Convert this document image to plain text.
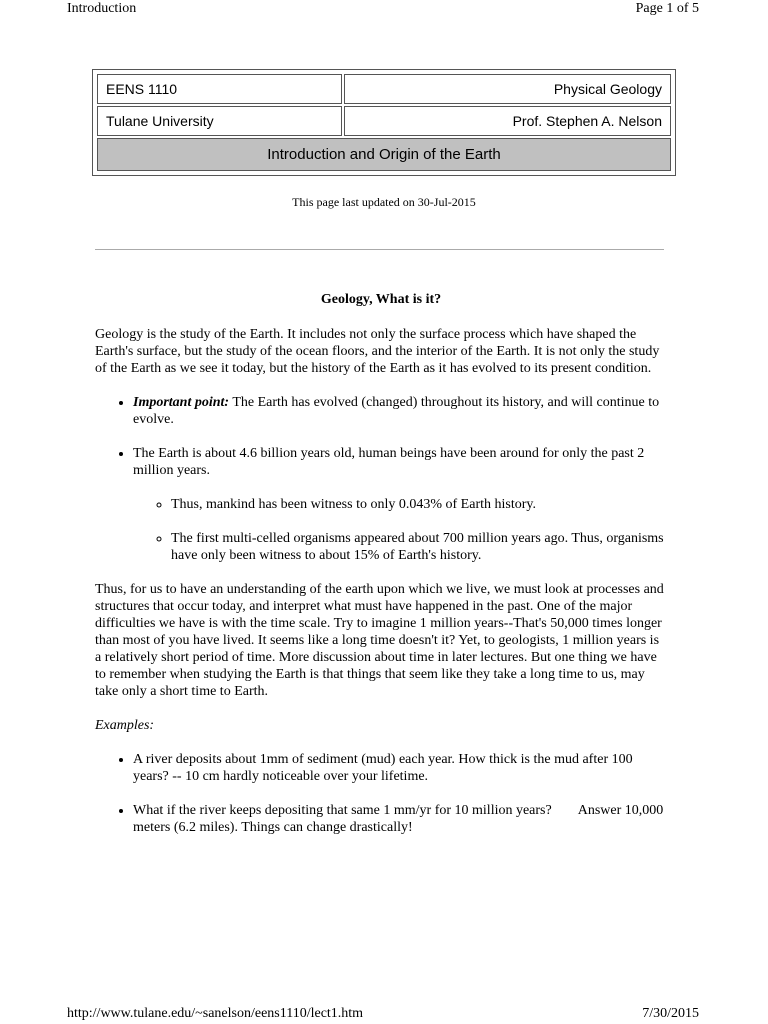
Introduction	Page 1 of 5
EENS 1110	Physical Geology
Tulane University	Prof. Stephen A. Nelson
Introduction and Origin of the Earth	
This page last updated on 30-Jul-2015
Geology, What is it?

Geology is the study of the Earth. It includes not only the surface process which have shaped the Earth's surface, but the study of the ocean floors, and the interior of the Earth. It is not only the study of the Earth as we see it today, but the history of the Earth as it has evolved to its present condition.

• Important point: The Earth has evolved (changed) throughout its history, and will continue to evolve.
• The Earth is about 4.6 billion years old, human beings have been around for only the past 2 million years.
◦ Thus, mankind has been witness to only 0.043% of Earth history.
◦ The first multi-celled organisms appeared about 700 million years ago. Thus, organisms have only been witness to about 15% of Earth's history.

Thus, for us to have an understanding of the earth upon which we live, we must look at processes and structures that occur today, and interpret what must have happened in the past. One of the major difficulties we have is with the time scale. Try to imagine 1 million years--That's 50,000 times longer than most of you have lived. It seems like a long time doesn't it? Yet, to geologists, 1 million years is a relatively short period of time. More discussion about time in later lectures. But one thing we have to remember when studying the Earth is that things that seem like they take a long time to us, may take only a short time to Earth.

Examples:

• A river deposits about 1mm of sediment (mud) each year. How thick is the mud after 100 years? -- 10 cm hardly noticeable over your lifetime.
• What if the river keeps depositing that same 1 mm/yr for 10 million years? Answer 10,000 meters (6.2 miles). Things can change drastically!
http://www.tulane.edu/~sanelson/eens1110/lect1.htm	7/30/2015
